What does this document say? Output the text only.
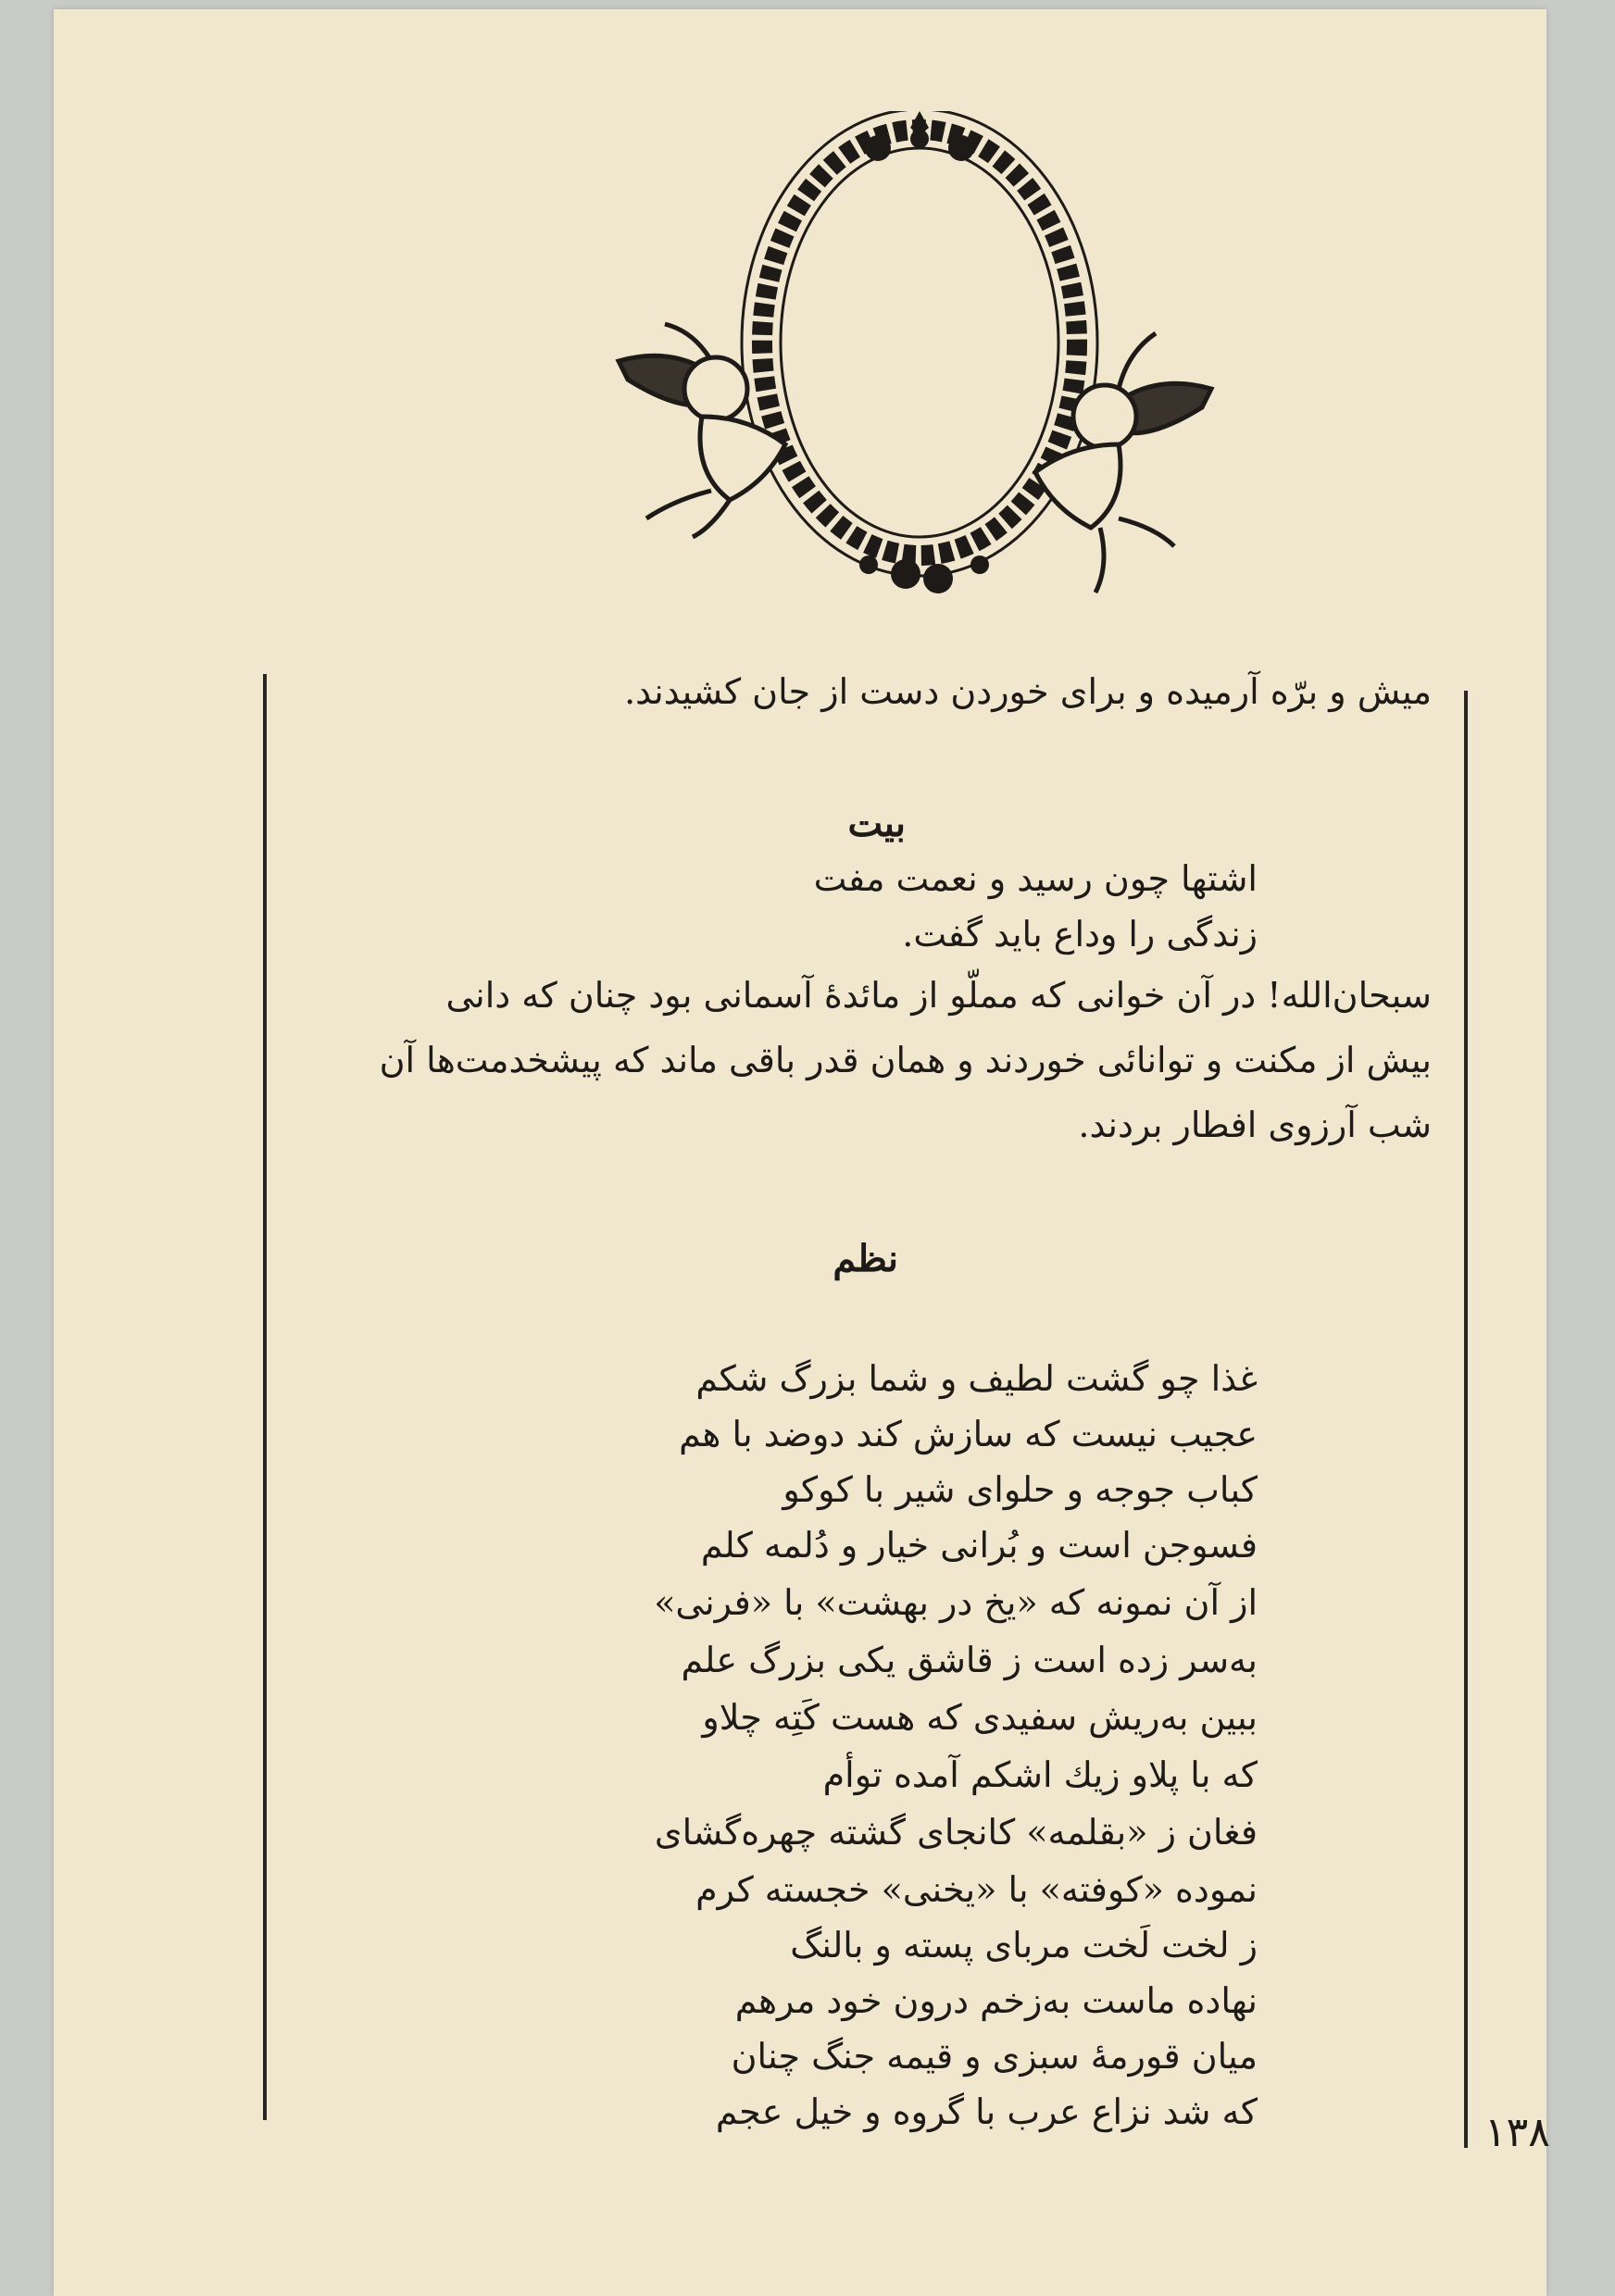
میش و برّه آرمیده و برای خوردن دست از جان کشیدند.
بیت
اشتها چون رسید و نعمت مفت
زندگی را وداع باید گفت.
سبحان‌الله! در آن خوانی که مملّو از مائدهٔ آسمانی بود چنان که دانی
بیش از مکنت و توانائی خوردند و همان قدر باقی ماند که پیشخدمت‌ها آن
شب آرزوی افطار بردند.
نظم
غذا چو گشت لطیف و شما بزرگ شکم
عجیب نیست که سازش کند دوضد با هم
کباب جوجه و حلوای شیر با کوکو
فسوجن است و بُرانی خیار و دُلمه کلم
از آن نمونه که «یخ در بهشت» با «فرنی»
به‌سر زده است ز قاشق یکی بزرگ علم
ببین به‌ریش سفیدی که هست کَتِه چلاو
که با پلاو زیك اشکم آمده توأم
فغان ز «بقلمه» کانجای گشته چهره‌گشای
نموده «کوفته» با «یخنی» خجسته کرم
ز لخت لَخت مربای پسته و بالنگ
نهاده ماست به‌زخم درون خود مرهم
میان قورمهٔ سبزی و قیمه جنگ چنان
که شد نزاع عرب با گروه و خیل عجم	۱۳۸
